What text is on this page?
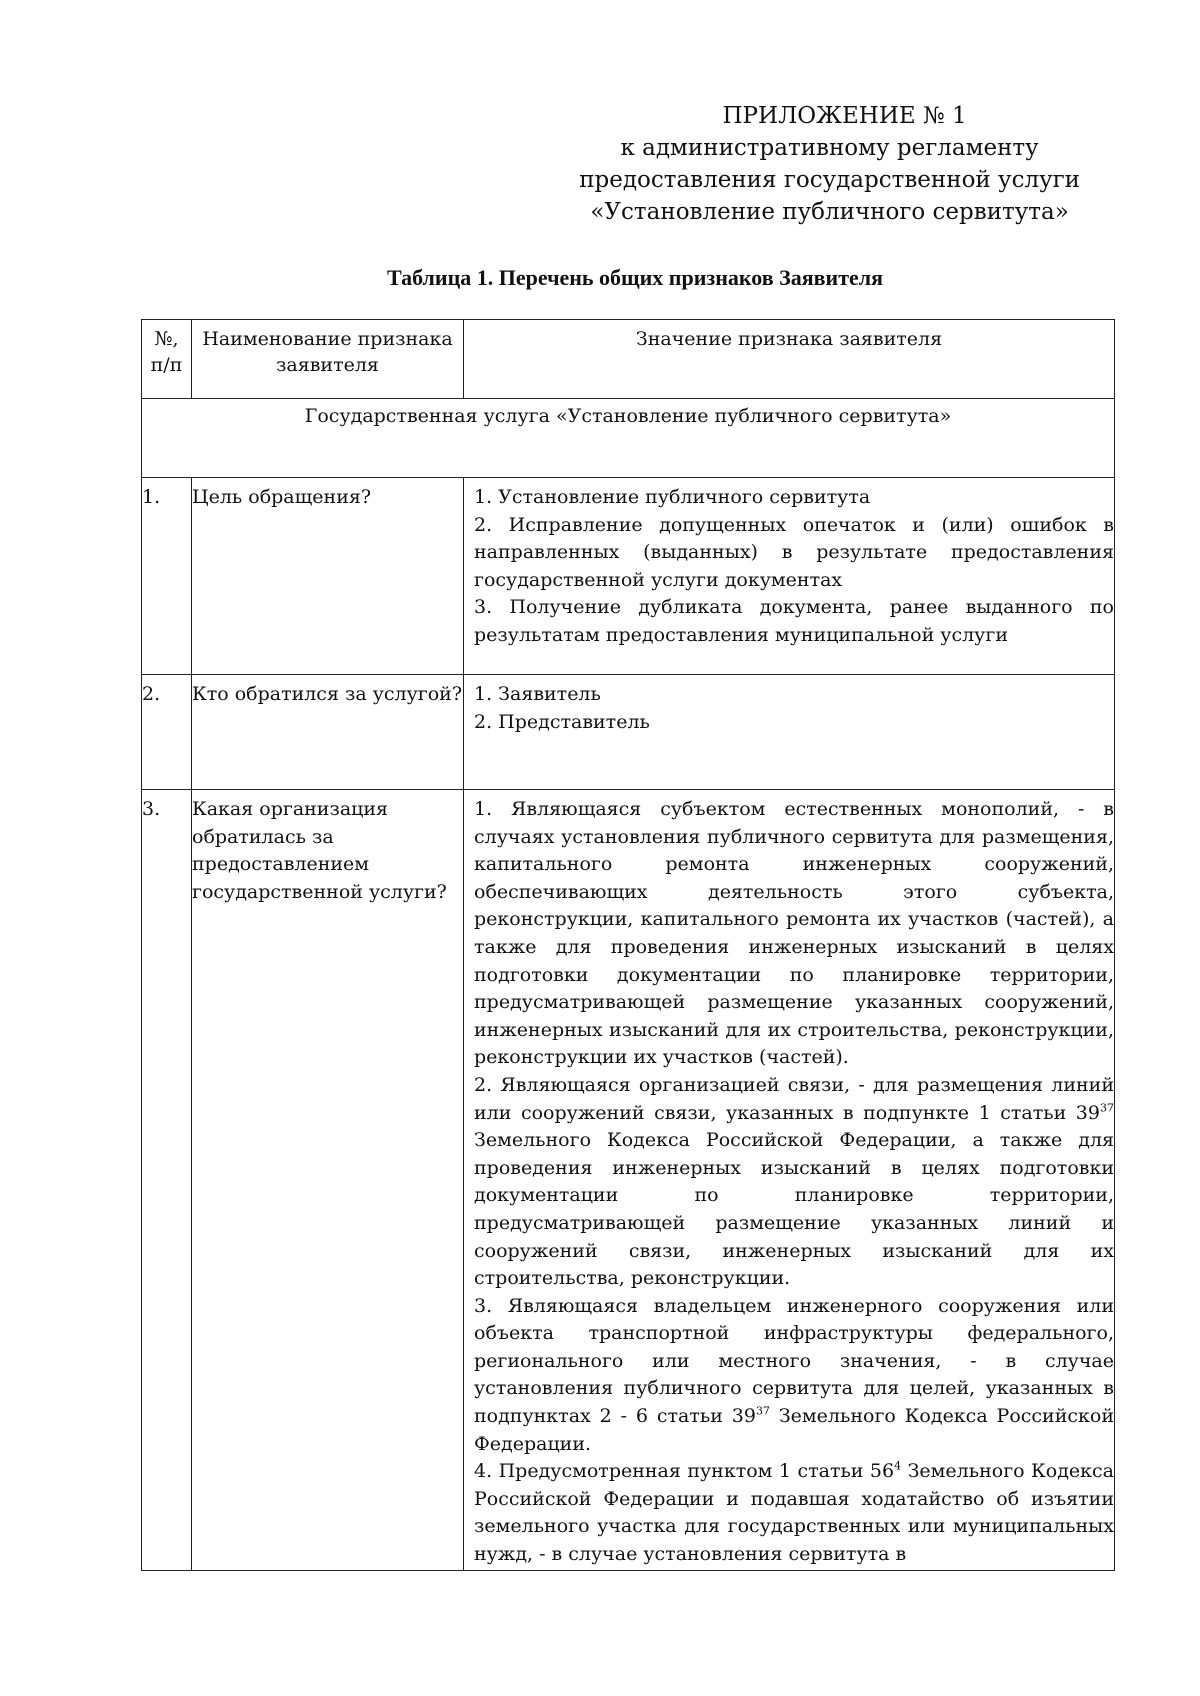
ПРИЛОЖЕНИЕ № 1
к административному регламенту
предоставления государственной услуги
«Установление публичного сервитута»
Таблица 1. Перечень общих признаков Заявителя
№, п/п	Наименование признака заявителя	Значение признака заявителя
Государственная услуга «Установление публичного сервитута»		
1.	Цель обращения?	1. Установление публичного сервитута

2. Исправление допущенных опечаток и (или) ошибок в направленных (выданных) в результате предоставления государственной услуги документах

3. Получение дубликата документа, ранее выданного по результатам предоставления муниципальной услуги

2.	Кто обратился за услугой?	1. Заявитель

2. Представитель

3.	Какая организация обратилась за предоставлением государственной услуги?	1. Являющаяся субъектом естественных монополий, - в случаях установления публичного сервитута для размещения, капитального ремонта инженерных сооружений, обеспечивающих деятельность этого субъекта, реконструкции, капитального ремонта их участков (частей), а также для проведения инженерных изысканий в целях подготовки документации по планировке территории, предусматривающей размещение указанных сооружений, инженерных изысканий для их строительства, реконструкции, реконструкции их участков (частей).

2. Являющаяся организацией связи, - для размещения линий или сооружений связи, указанных в подпункте 1 статьи $39^{37}$ Земельного Кодекса Российской Федерации, а также для проведения инженерных изысканий в целях подготовки документации по планировке территории, предусматривающей размещение указанных линий и сооружений связи, инженерных изысканий для их строительства, реконструкции.

3. Являющаяся владельцем инженерного сооружения или объекта транспортной инфраструктуры федерального, регионального или местного значения, - в случае установления публичного сервитута для целей, указанных в подпунктах 2 - 6 статьи $39^{37}$ Земельного Кодекса Российской Федерации.

4. Предусмотренная пунктом 1 статьи $56^4$ Земельного Кодекса Российской Федерации и подавшая ходатайство об изъятии земельного участка для государственных или муниципальных нужд, - в случае установления сервитута в
